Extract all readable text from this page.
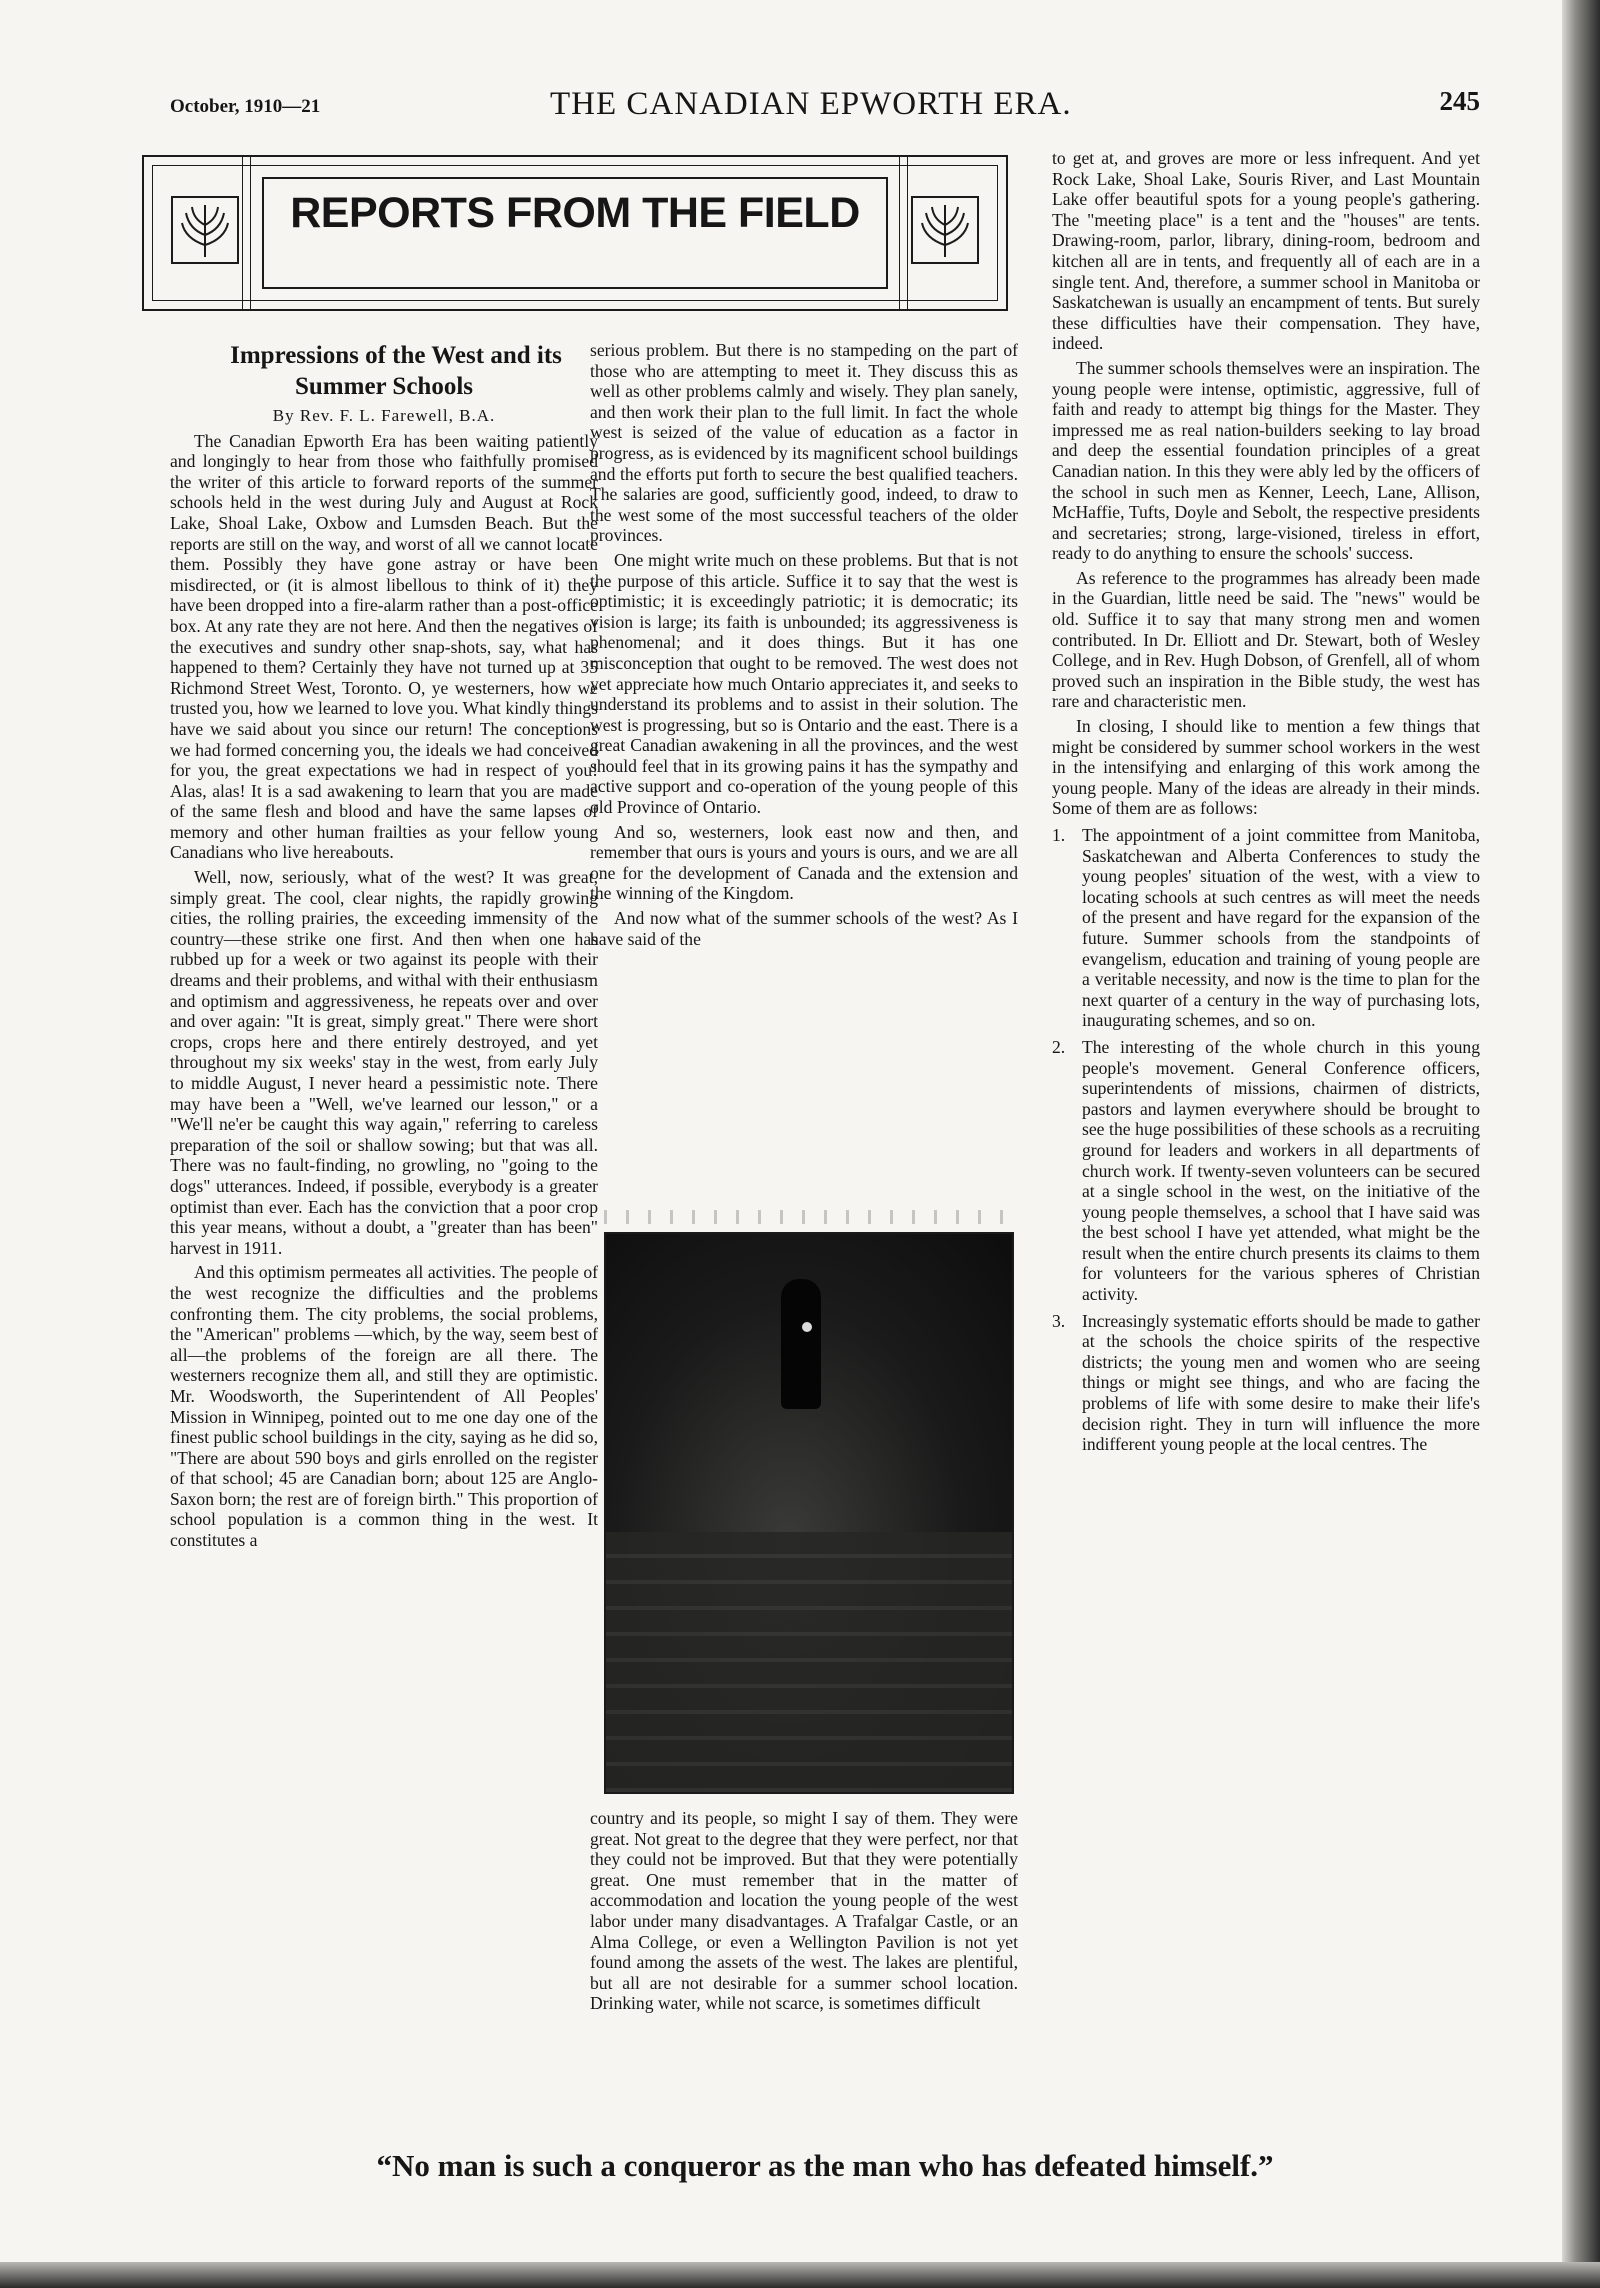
October, 1910—21	THE CANADIAN EPWORTH ERA.	245
REPORTS FROM THE FIELD

Impressions of the West and its Summer Schools

By Rev. F. L. Farewell, B.A.

The Canadian Epworth Era has been waiting patiently and longingly to hear from those who faithfully promised the writer of this article to forward reports of the summer schools held in the west during July and August at Rock Lake, Shoal Lake, Oxbow and Lumsden Beach. But the reports are still on the way, and worst of all we cannot locate them. Possibly they have gone astray or have been misdirected, or (it is almost libellous to think of it) they have been dropped into a fire-alarm rather than a post-office box. At any rate they are not here. And then the negatives of the executives and sundry other snap-shots, say, what has happened to them? Certainly they have not turned up at 35 Richmond Street West, Toronto. O, ye westerners, how we trusted you, how we learned to love you. What kindly things have we said about you since our return! The conceptions we had formed concerning you, the ideals we had conceived for you, the great expectations we had in respect of you! Alas, alas! It is a sad awakening to learn that you are made of the same flesh and blood and have the same lapses of memory and other human frailties as your fellow young Canadians who live hereabouts.

Well, now, seriously, what of the west? It was great, simply great. The cool, clear nights, the rapidly growing cities, the rolling prairies, the exceeding immensity of the country—these strike one first. And then when one has rubbed up for a week or two against its people with their dreams and their problems, and withal with their enthusiasm and optimism and aggressiveness, he repeats over and over and over again: "It is great, simply great." There were short crops, crops here and there entirely destroyed, and yet throughout my six weeks' stay in the west, from early July to middle August, I never heard a pessimistic note. There may have been a "Well, we've learned our lesson," or a "We'll ne'er be caught this way again," referring to careless preparation of the soil or shallow sowing; but that was all. There was no fault-finding, no growling, no "going to the dogs" utterances. Indeed, if possible, everybody is a greater optimist than ever. Each has the conviction that a poor crop this year means, without a doubt, a "greater than has been" harvest in 1911.

And this optimism permeates all activities. The people of the west recognize the difficulties and the problems confronting them. The city problems, the social problems, the "American" problems —which, by the way, seem best of all—the problems of the foreign are all there. The westerners recognize them all, and still they are optimistic. Mr. Woodsworth, the Superintendent of All Peoples' Mission in Winnipeg, pointed out to me one day one of the finest public school buildings in the city, saying as he did so, "There are about 590 boys and girls enrolled on the register of that school; 45 are Canadian born; about 125 are Anglo-Saxon born; the rest are of foreign birth." This proportion of school population is a common thing in the west. It constitutes a

serious problem. But there is no stampeding on the part of those who are attempting to meet it. They discuss this as well as other problems calmly and wisely. They plan sanely, and then work their plan to the full limit. In fact the whole west is seized of the value of education as a factor in progress, as is evidenced by its magnificent school buildings and the efforts put forth to secure the best qualified teachers. The salaries are good, sufficiently good, indeed, to draw to the west some of the most successful teachers of the older provinces.

One might write much on these problems. But that is not the purpose of this article. Suffice it to say that the west is optimistic; it is exceedingly patriotic; it is democratic; its vision is large; its faith is unbounded; its aggressiveness is phenomenal; and it does things. But it has one misconception that ought to be removed. The west does not yet appreciate how much Ontario appreciates it, and seeks to understand its problems and to assist in their solution. The west is progressing, but so is Ontario and the east. There is a great Canadian awakening in all the provinces, and the west should feel that in its growing pains it has the sympathy and active support and co-operation of the young people of this old Province of Ontario.

And so, westerners, look east now and then, and remember that ours is yours and yours is ours, and we are all one for the development of Canada and the extension and the winning of the Kingdom.

And now what of the summer schools of the west? As I have said of the

country and its people, so might I say of them. They were great. Not great to the degree that they were perfect, nor that they could not be improved. But that they were potentially great. One must remember that in the matter of accommodation and location the young people of the west labor under many disadvantages. A Trafalgar Castle, or an Alma College, or even a Wellington Pavilion is not yet found among the assets of the west. The lakes are plentiful, but all are not desirable for a summer school location. Drinking water, while not scarce, is sometimes difficult

to get at, and groves are more or less infrequent. And yet Rock Lake, Shoal Lake, Souris River, and Last Mountain Lake offer beautiful spots for a young people's gathering. The "meeting place" is a tent and the "houses" are tents. Drawing-room, parlor, library, dining-room, bedroom and kitchen all are in tents, and frequently all of each are in a single tent. And, therefore, a summer school in Manitoba or Saskatchewan is usually an encampment of tents. But surely these difficulties have their compensation. They have, indeed.

The summer schools themselves were an inspiration. The young people were intense, optimistic, aggressive, full of faith and ready to attempt big things for the Master. They impressed me as real nation-builders seeking to lay broad and deep the essential foundation principles of a great Canadian nation. In this they were ably led by the officers of the school in such men as Kenner, Leech, Lane, Allison, McHaffie, Tufts, Doyle and Sebolt, the respective presidents and secretaries; strong, large-visioned, tireless in effort, ready to do anything to ensure the schools' success.

As reference to the programmes has already been made in the Guardian, little need be said. The "news" would be old. Suffice it to say that many strong men and women contributed. In Dr. Elliott and Dr. Stewart, both of Wesley College, and in Rev. Hugh Dobson, of Grenfell, all of whom proved such an inspiration in the Bible study, the west has rare and characteristic men.

In closing, I should like to mention a few things that might be considered by summer school workers in the west in the intensifying and enlarging of this work among the young people. Many of the ideas are already in their minds. Some of them are as follows:

1. The appointment of a joint committee from Manitoba, Saskatchewan and Alberta Conferences to study the young peoples' situation of the west, with a view to locating schools at such centres as will meet the needs of the present and have regard for the expansion of the future. Summer schools from the standpoints of evangelism, education and training of young people are a veritable necessity, and now is the time to plan for the next quarter of a century in the way of purchasing lots, inaugurating schemes, and so on.
2. The interesting of the whole church in this young people's movement. General Conference officers, superintendents of missions, chairmen of districts, pastors and laymen everywhere should be brought to see the huge possibilities of these schools as a recruiting ground for leaders and workers in all departments of church work. If twenty-seven volunteers can be secured at a single school in the west, on the initiative of the young people themselves, a school that I have said was the best school I have yet attended, what might be the result when the entire church presents its claims to them for volunteers for the various spheres of Christian activity.
3. Increasingly systematic efforts should be made to gather at the schools the choice spirits of the respective districts; the young men and women who are seeing things or might see things, and who are facing the problems of life with some desire to make their life's decision right. They in turn will influence the more indifferent young people at the local centres. The
“No man is such a conqueror as the man who has defeated himself.”
